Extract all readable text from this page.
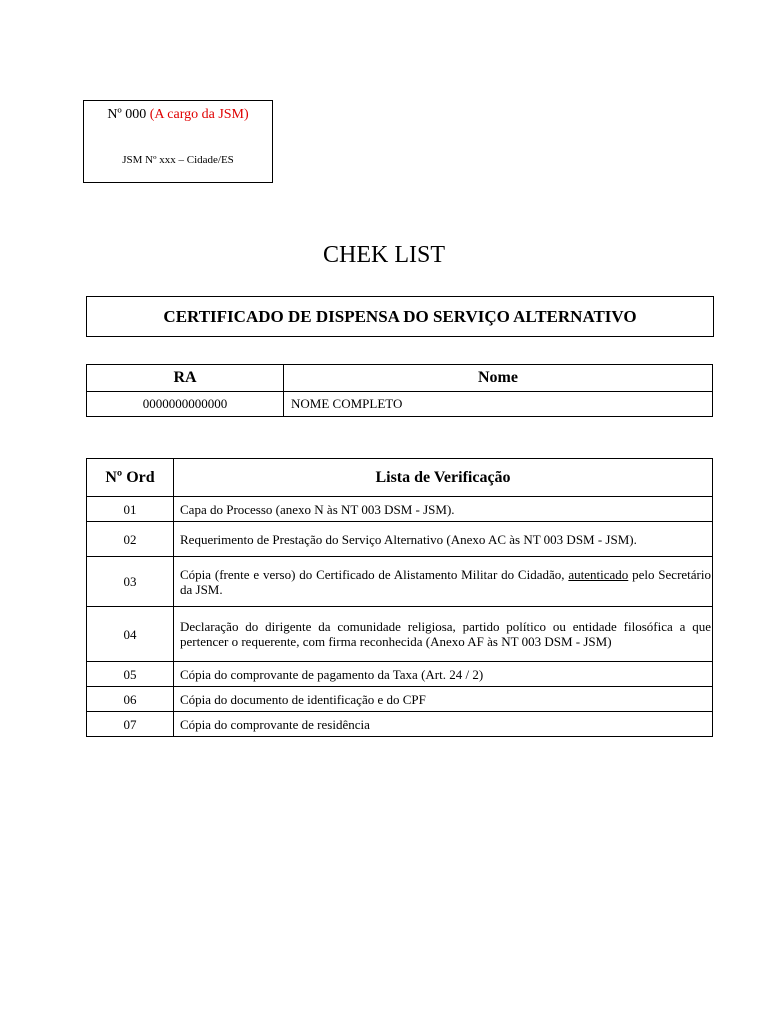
Nº 000 (A cargo da JSM)
JSM Nº xxx – Cidade/ES
CHEK LIST
CERTIFICADO DE DISPENSA DO SERVIÇO ALTERNATIVO
RA	Nome
0000000000000	NOME COMPLETO
Nº Ord	Lista de Verificação
01	Capa do Processo (anexo N às NT 003 DSM - JSM).
02	Requerimento de Prestação do Serviço Alternativo (Anexo AC às NT 003 DSM - JSM).
03	Cópia (frente e verso) do Certificado de Alistamento Militar do Cidadão, autenticado pelo Secretário da JSM.
04	Declaração do dirigente da comunidade religiosa, partido político ou entidade filosófica a que pertencer o requerente, com firma reconhecida (Anexo AF às NT 003 DSM - JSM)
05	Cópia do comprovante de pagamento da Taxa (Art. 24 / 2)
06	Cópia do documento de identificação e do CPF
07	Cópia do comprovante de residência
